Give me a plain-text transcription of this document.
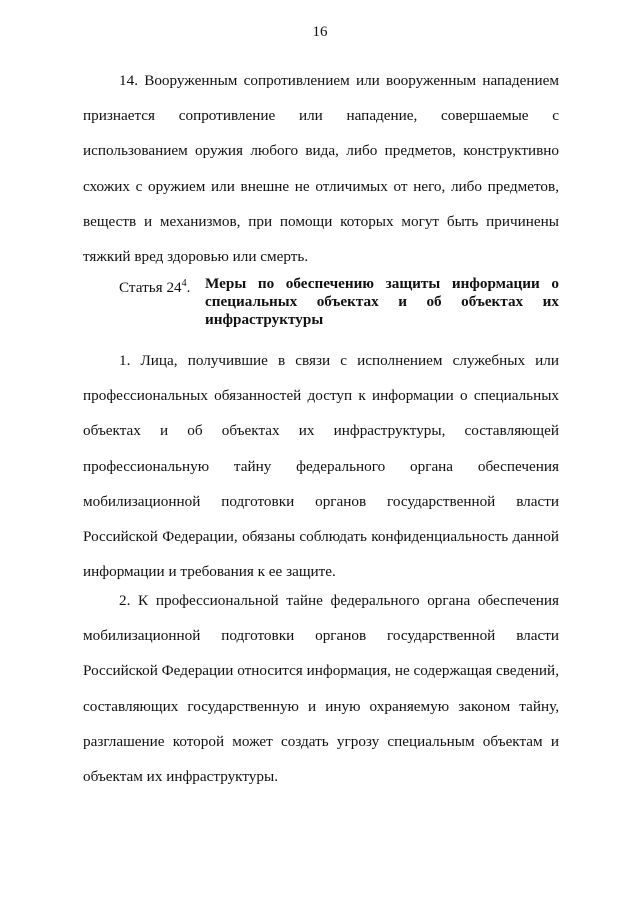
16

14. Вооруженным сопротивлением или вооруженным нападением признается сопротивление или нападение, совершаемые с использованием оружия любого вида, либо предметов, конструктивно схожих с оружием или внешне не отличимых от него, либо предметов, веществ и механизмов, при помощи которых могут быть причинены тяжкий вред здоровью или смерть.

Статья $24^4$. Меры по обеспечению защиты информации о специальных объектах и об объектах их инфраструктуры

1. Лица, получившие в связи с исполнением служебных или профессиональных обязанностей доступ к информации о специальных объектах и об объектах их инфраструктуры, составляющей профессиональную тайну федерального органа обеспечения мобилизационной подготовки органов государственной власти Российской Федерации, обязаны соблюдать конфиденциальность данной информации и требования к ее защите.

2. К профессиональной тайне федерального органа обеспечения мобилизационной подготовки органов государственной власти Российской Федерации относится информация, не содержащая сведений, составляющих государственную и иную охраняемую законом тайну, разглашение которой может создать угрозу специальным объектам и объектам их инфраструктуры.
